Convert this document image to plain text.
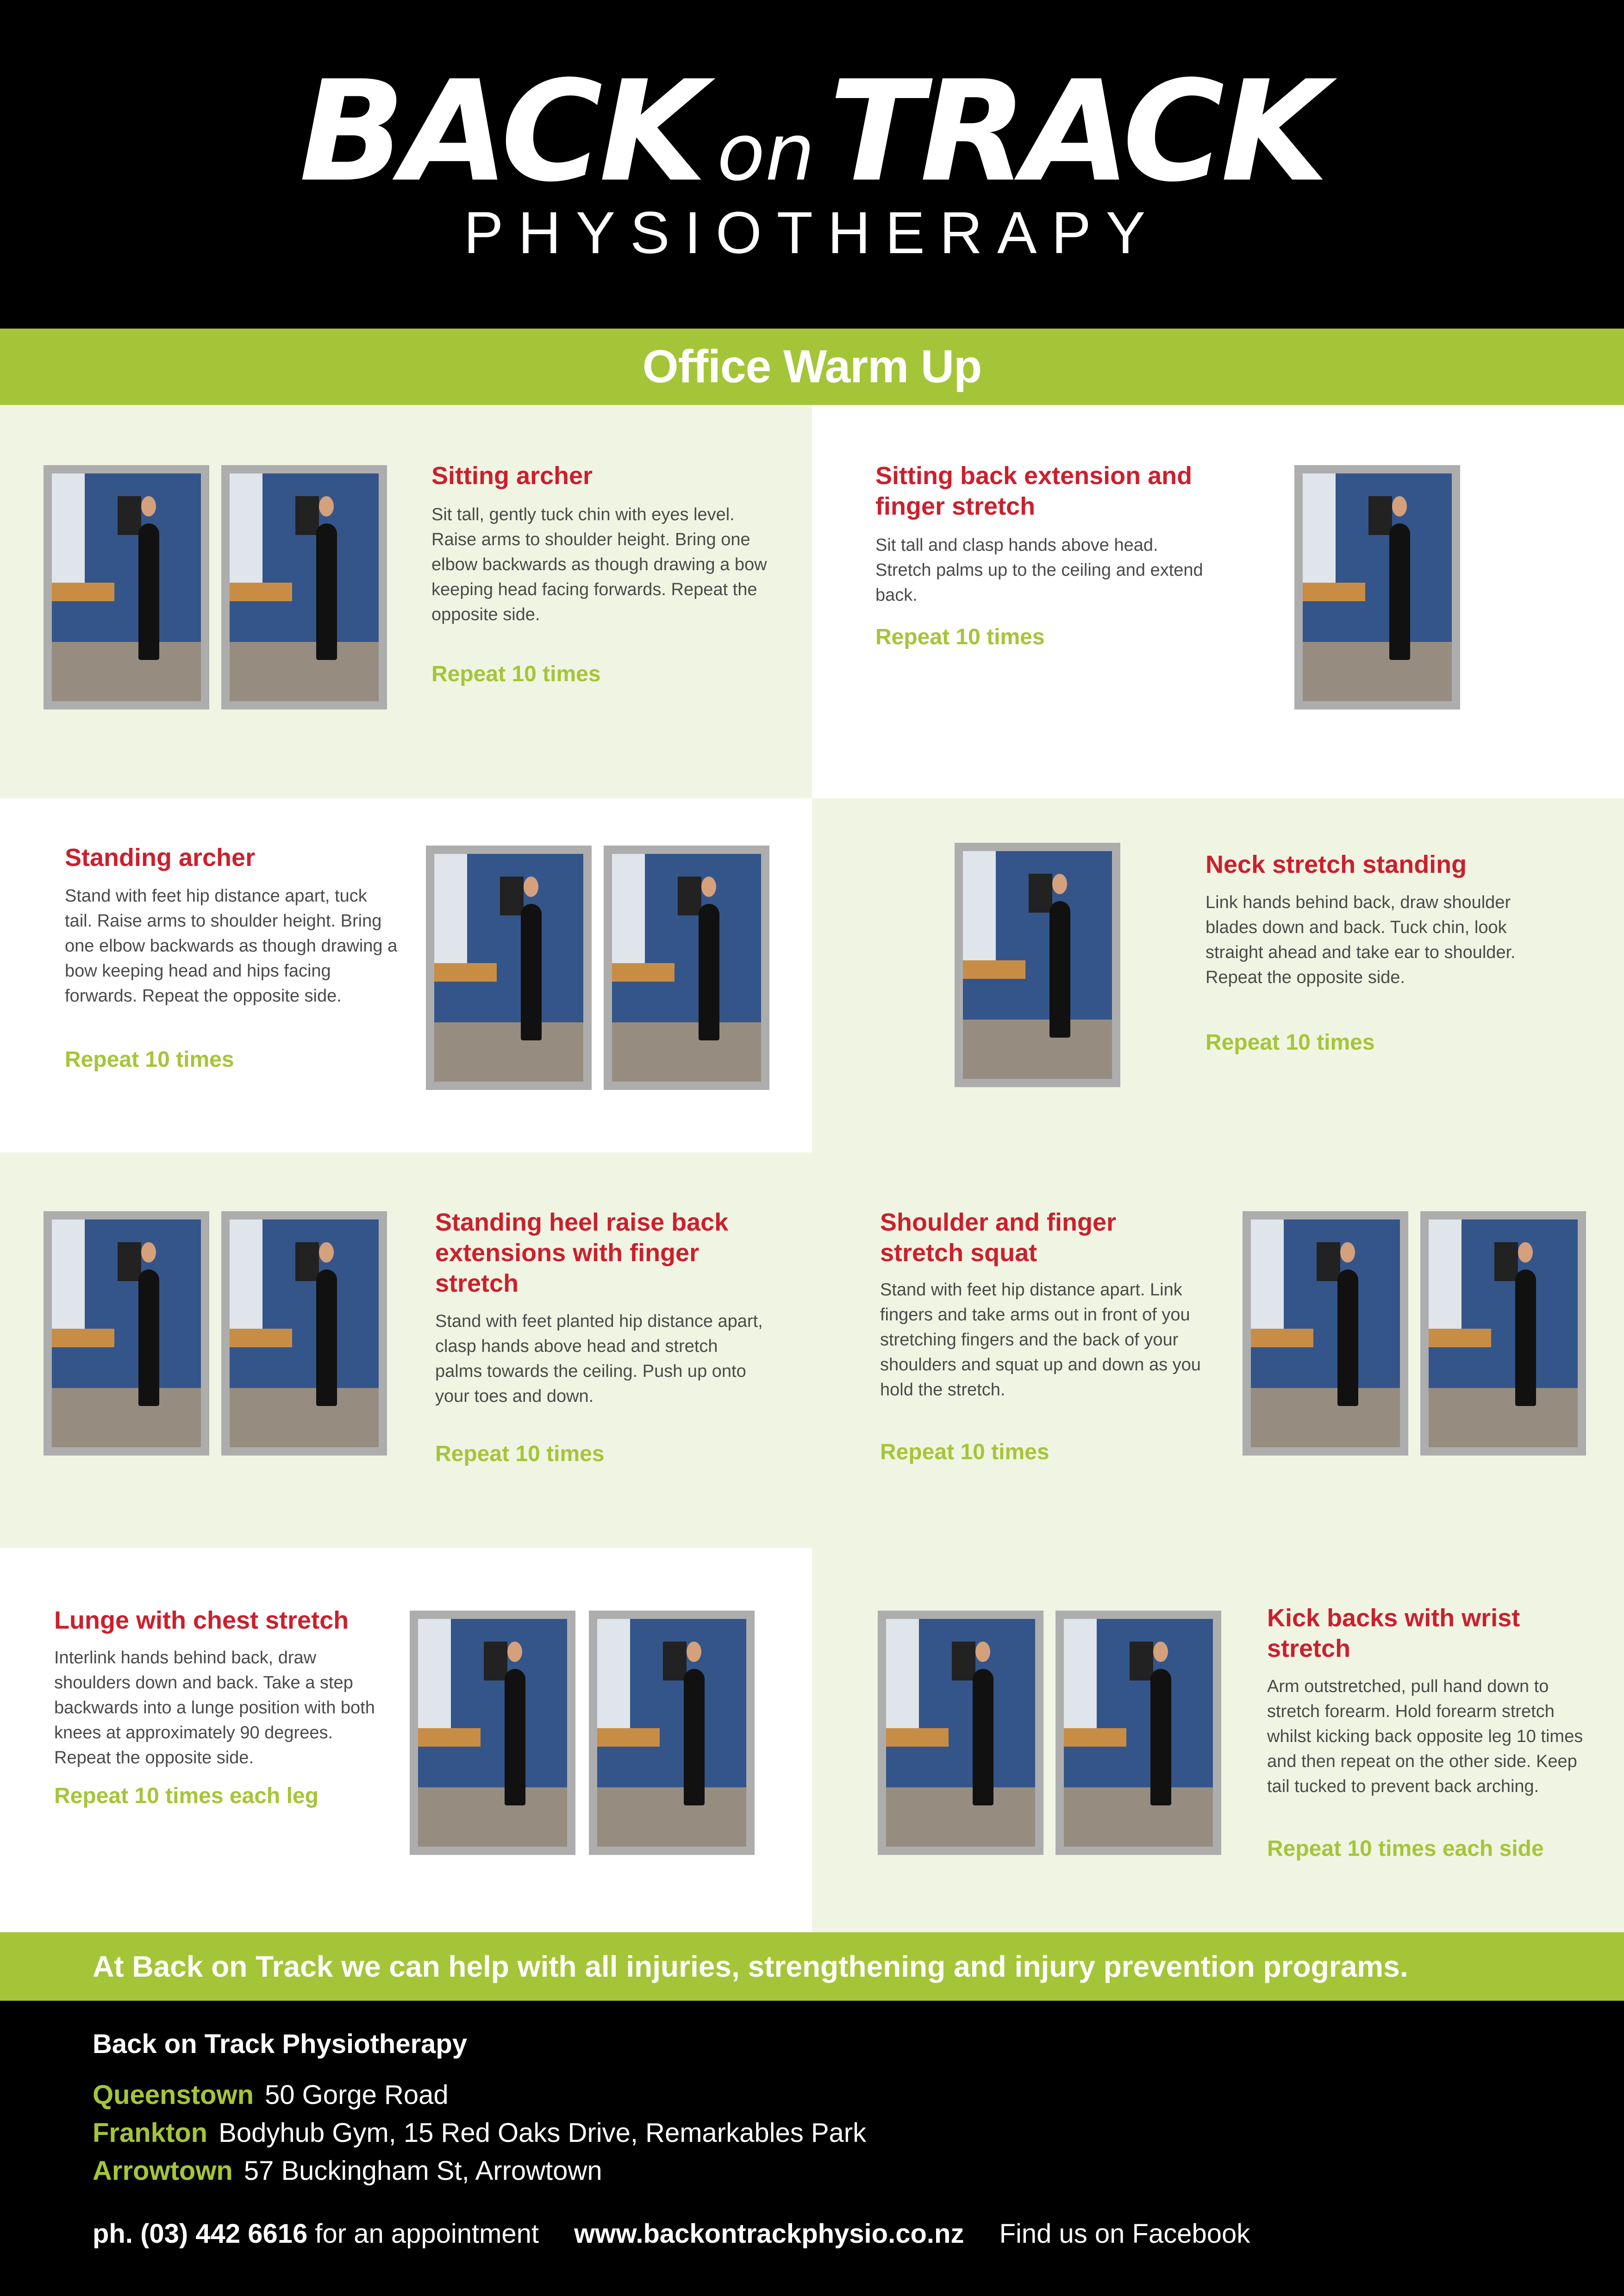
BACK on TRACK
PHYSIOTHERAPY
Office Warm Up
Sitting archer
Sit tall, gently tuck chin with eyes level. Raise arms to shoulder height. Bring one elbow backwards as though drawing a bow keeping head facing forwards. Repeat the opposite side.
Repeat 10 times
Sitting back extension and finger stretch
Sit tall and clasp hands above head. Stretch palms up to the ceiling and extend back.
Repeat 10 times
Standing archer
Stand with feet hip distance apart, tuck tail. Raise arms to shoulder height. Bring one elbow backwards as though drawing a bow keeping head and hips facing forwards. Repeat the opposite side.
Repeat 10 times
Neck stretch standing
Link hands behind back, draw shoulder blades down and back. Tuck chin, look straight ahead and take ear to shoulder. Repeat the opposite side.
Repeat 10 times
Standing heel raise back extensions with finger stretch
Stand with feet planted hip distance apart, clasp hands above head and stretch palms towards the ceiling. Push up onto your toes and down.
Repeat 10 times
Shoulder and finger stretch squat
Stand with feet hip distance apart. Link fingers and take arms out in front of you stretching fingers and the back of your shoulders and squat up and down as you hold the stretch.
Repeat 10 times
Lunge with chest stretch
Interlink hands behind back, draw shoulders down and back. Take a step backwards into a lunge position with both knees at approximately 90 degrees. Repeat the opposite side.
Repeat 10 times each leg
Kick backs with wrist stretch
Arm outstretched, pull hand down to stretch forearm. Hold forearm stretch whilst kicking back opposite leg 10 times and then repeat on the other side. Keep tail tucked to prevent back arching.
Repeat 10 times each side
At Back on Track we can help with all injuries, strengthening and injury prevention programs.
Back on Track Physiotherapy
Queenstown 50 Gorge Road
Frankton Bodyhub Gym, 15 Red Oaks Drive, Remarkables Park
Arrowtown 57 Buckingham St, Arrowtown
ph. (03) 442 6616 for an appointment www.backontrackphysio.co.nz Find us on Facebook
